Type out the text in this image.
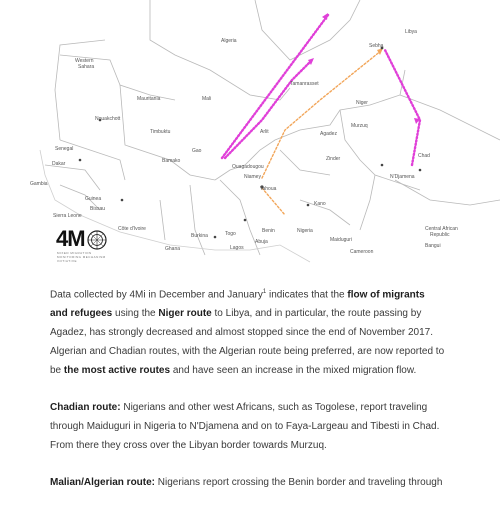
Libya
Algeria
Western
Sahara
Mauritania	Mali
Tamanrasset
Niger
Sebha
Nouakchott
Timbuktu	Arlit	Agadez
Murzuq
Senegal	Gao
Dakar	Bamako
Ouagadougou
Zinder	Chad
Niamey
Tahoua
N'Djamena
Gambia
Guinea
Bissau
Kano
Côte d'Ivoire
Burkina	Togo	Benin	Nigeria
Maiduguri
Central African
Republic
Ghana	Lagos
Abuja
Cameroon
Bangui
Sierra Leone
4M
MIXED MIGRATION MONITORING MECHANISM INITIATIVE

Data collected by 4Mi in December and January$^1$ indicates that the flow of migrants and refugees using the Niger route to Libya, and in particular, the route passing by Agadez, has strongly decreased and almost stopped since the end of November 2017. Algerian and Chadian routes, with the Algerian route being preferred, are now reported to be the most active routes and have seen an increase in the mixed migration flow.

Chadian route: Nigerians and other west Africans, such as Togolese, report traveling through Maiduguri in Nigeria to N'Djamena and on to Faya-Largeau and Tibesti in Chad. From there they cross over the Libyan border towards Murzuq.

Malian/Algerian route: Nigerians report crossing the Benin border and traveling through
